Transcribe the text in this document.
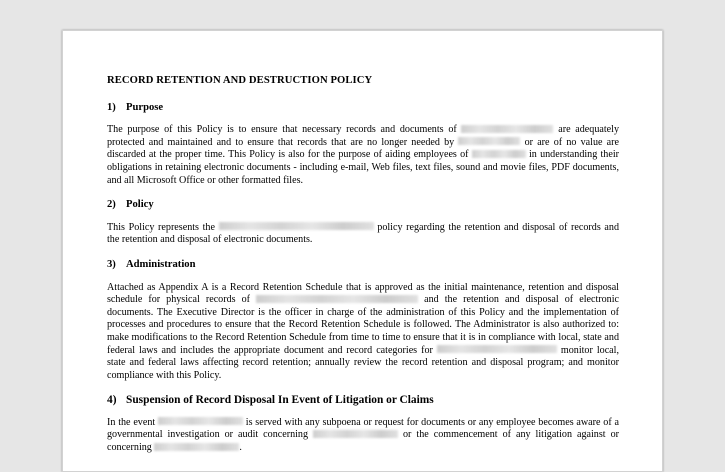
RECORD RETENTION AND DESTRUCTION POLICY
1) Purpose

The purpose of this Policy is to ensure that necessary records and documents of	are adequately protected and maintained and to ensure that records that are no longer needed by	or are of no value are discarded at the proper time. This Policy is also for the purpose of aiding employees of	in understanding their obligations in retaining electronic documents - including e-mail, Web files, text files, sound and movie files, PDF documents, and all Microsoft Office or other formatted files.

2) Policy

This Policy represents the	policy regarding the retention and disposal of records and the retention and disposal of electronic documents.

3) Administration

Attached as Appendix A is a Record Retention Schedule that is approved as the initial maintenance, retention and disposal schedule for physical records of	and the retention and disposal of electronic documents. The Executive Director is the officer in charge of the administration of this Policy and the implementation of processes and procedures to ensure that the Record Retention Schedule is followed. The Administrator is also authorized to: make modifications to the Record Retention Schedule from time to time to ensure that it is in compliance with local, state and federal laws and includes the appropriate document and record categories for	monitor local, state and federal laws affecting record retention; annually review the record retention and disposal program; and monitor compliance with this Policy.

4) Suspension of Record Disposal In Event of Litigation or Claims

In the event	is served with any subpoena or request for documents or any employee becomes aware of a governmental investigation or audit concerning	or the commencement of any litigation against or concerning	.
